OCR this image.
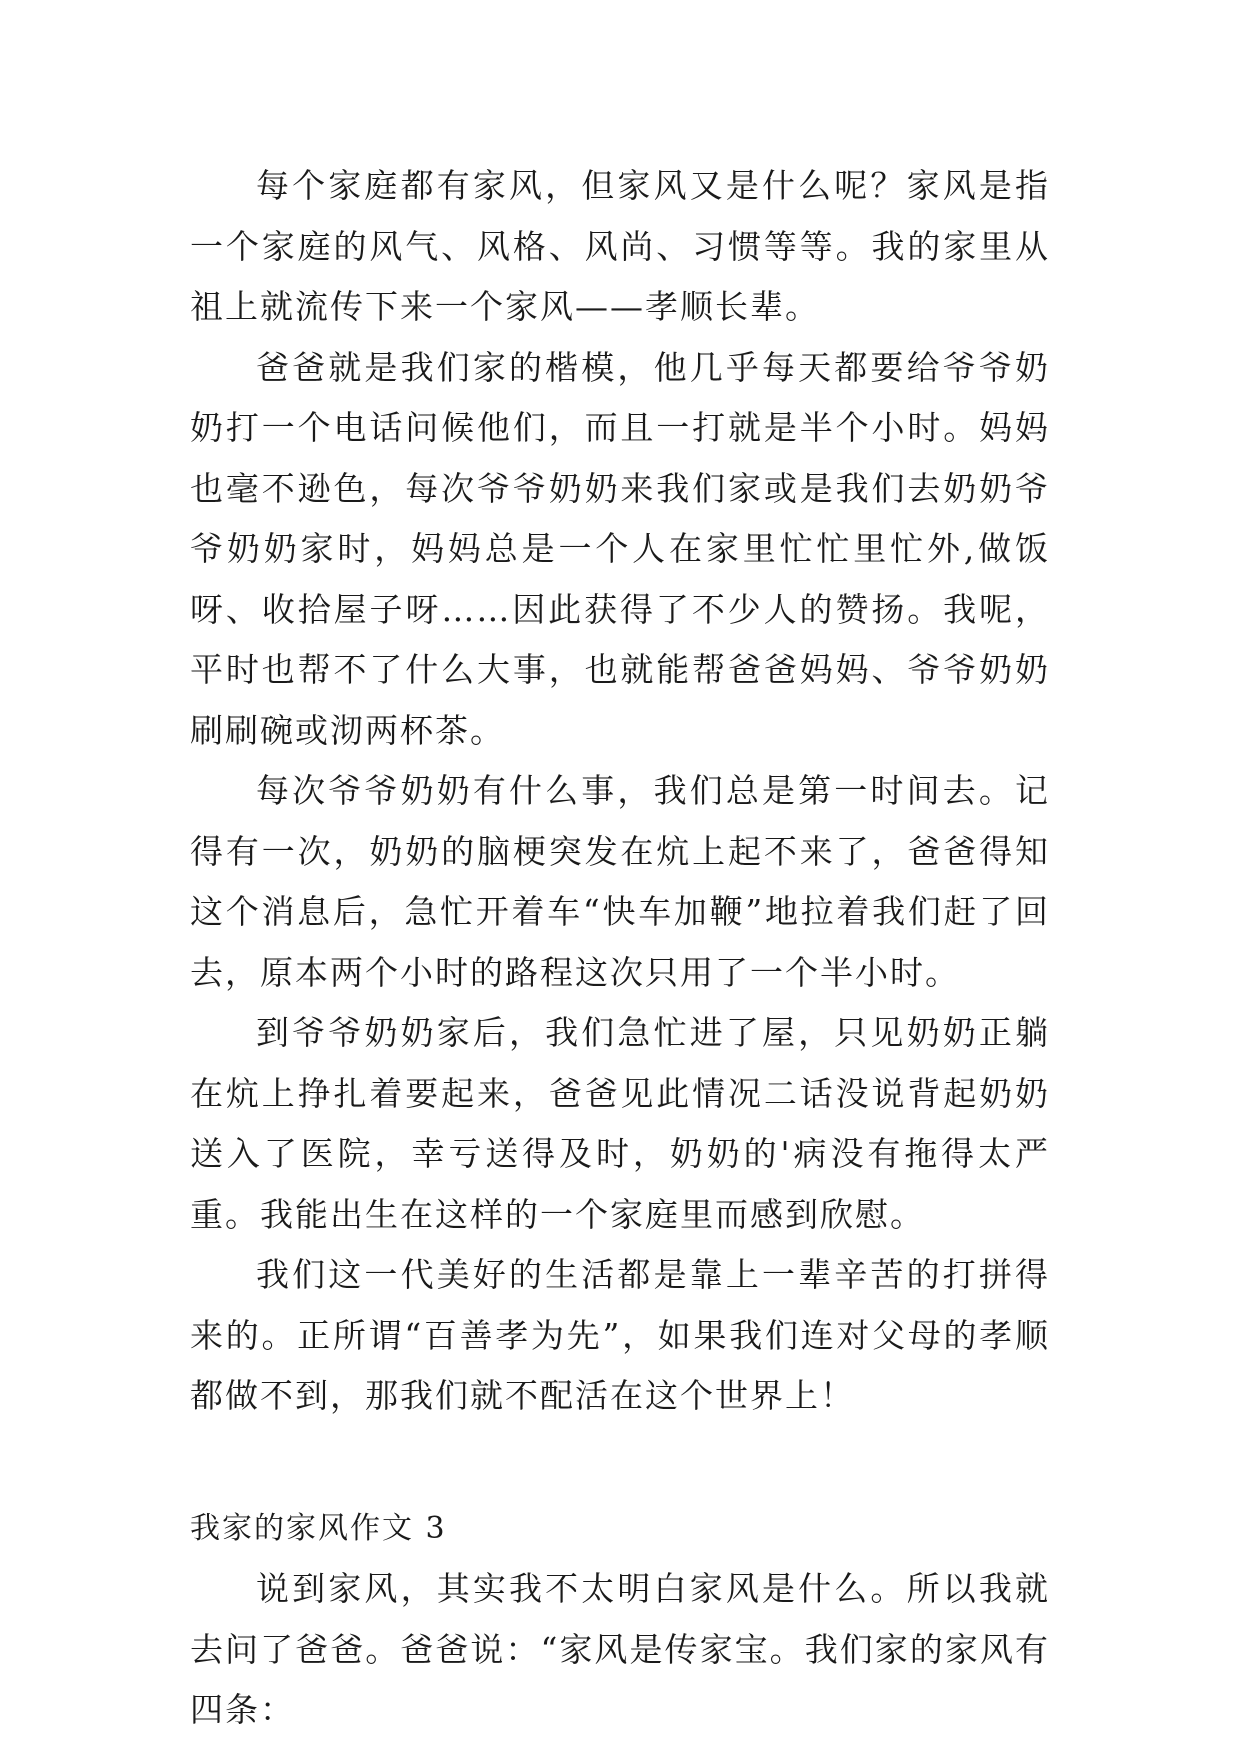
每个家庭都有家风，但家风又是什么呢？家风是指一个家庭的风气、风格、风尚、习惯等等。我的家里从祖上就流传下来一个家风——孝顺长辈。

爸爸就是我们家的楷模，他几乎每天都要给爷爷奶奶打一个电话问候他们，而且一打就是半个小时。妈妈也毫不逊色，每次爷爷奶奶来我们家或是我们去奶奶爷爷奶奶家时，妈妈总是一个人在家里忙忙里忙外,做饭呀、收拾屋子呀……因此获得了不少人的赞扬。我呢，平时也帮不了什么大事，也就能帮爸爸妈妈、爷爷奶奶刷刷碗或沏两杯茶。

每次爷爷奶奶有什么事，我们总是第一时间去。记得有一次，奶奶的脑梗突发在炕上起不来了，爸爸得知这个消息后，急忙开着车“快车加鞭”地拉着我们赶了回去，原本两个小时的路程这次只用了一个半小时。

到爷爷奶奶家后，我们急忙进了屋，只见奶奶正躺在炕上挣扎着要起来，爸爸见此情况二话没说背起奶奶送入了医院，幸亏送得及时，奶奶的'病没有拖得太严重。我能出生在这样的一个家庭里而感到欣慰。

我们这一代美好的生活都是靠上一辈辛苦的打拼得来的。正所谓“百善孝为先”，如果我们连对父母的孝顺都做不到，那我们就不配活在这个世界上！

我家的家风作文 3

说到家风，其实我不太明白家风是什么。所以我就去问了爸爸。爸爸说：“家风是传家宝。我们家的家风有四条：
